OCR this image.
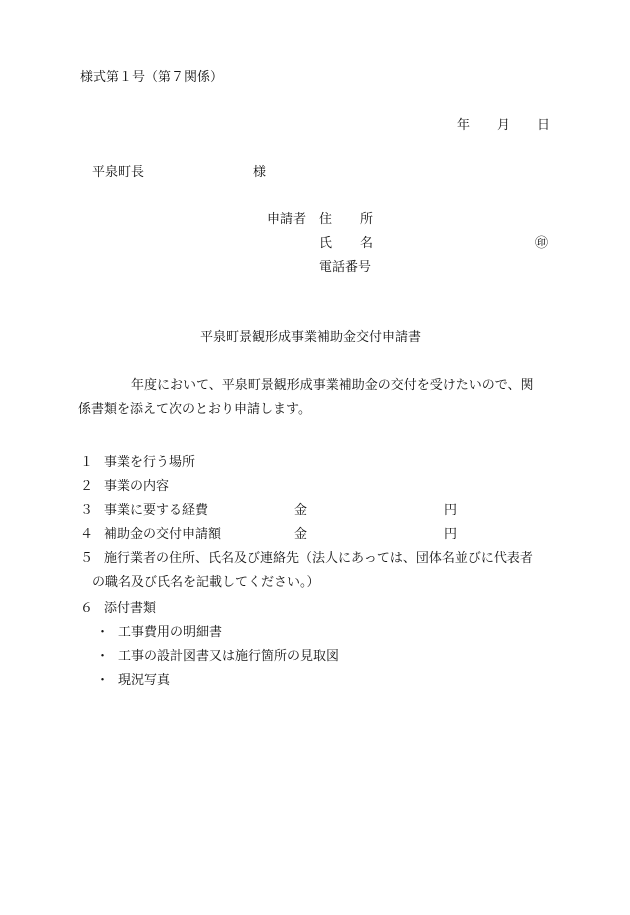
様式第１号（第７関係）
年 月 日
平泉町長	様
申請者 住 所
氏 名	㊞
電話番号
平泉町景観形成事業補助金交付申請書
年度において、平泉町景観形成事業補助金の交付を受けたいので、関
係書類を添えて次のとおり申請します。
１ 事業を行う場所
２ 事業の内容
３ 事業に要する経費	金	円
４ 補助金の交付申請額	金	円
５ 施行業者の住所、氏名及び連絡先（法人にあっては、団体名並びに代表者
の職名及び氏名を記載してください。）
６ 添付書類
・ 工事費用の明細書
・ 工事の設計図書又は施行箇所の見取図
・ 現況写真
